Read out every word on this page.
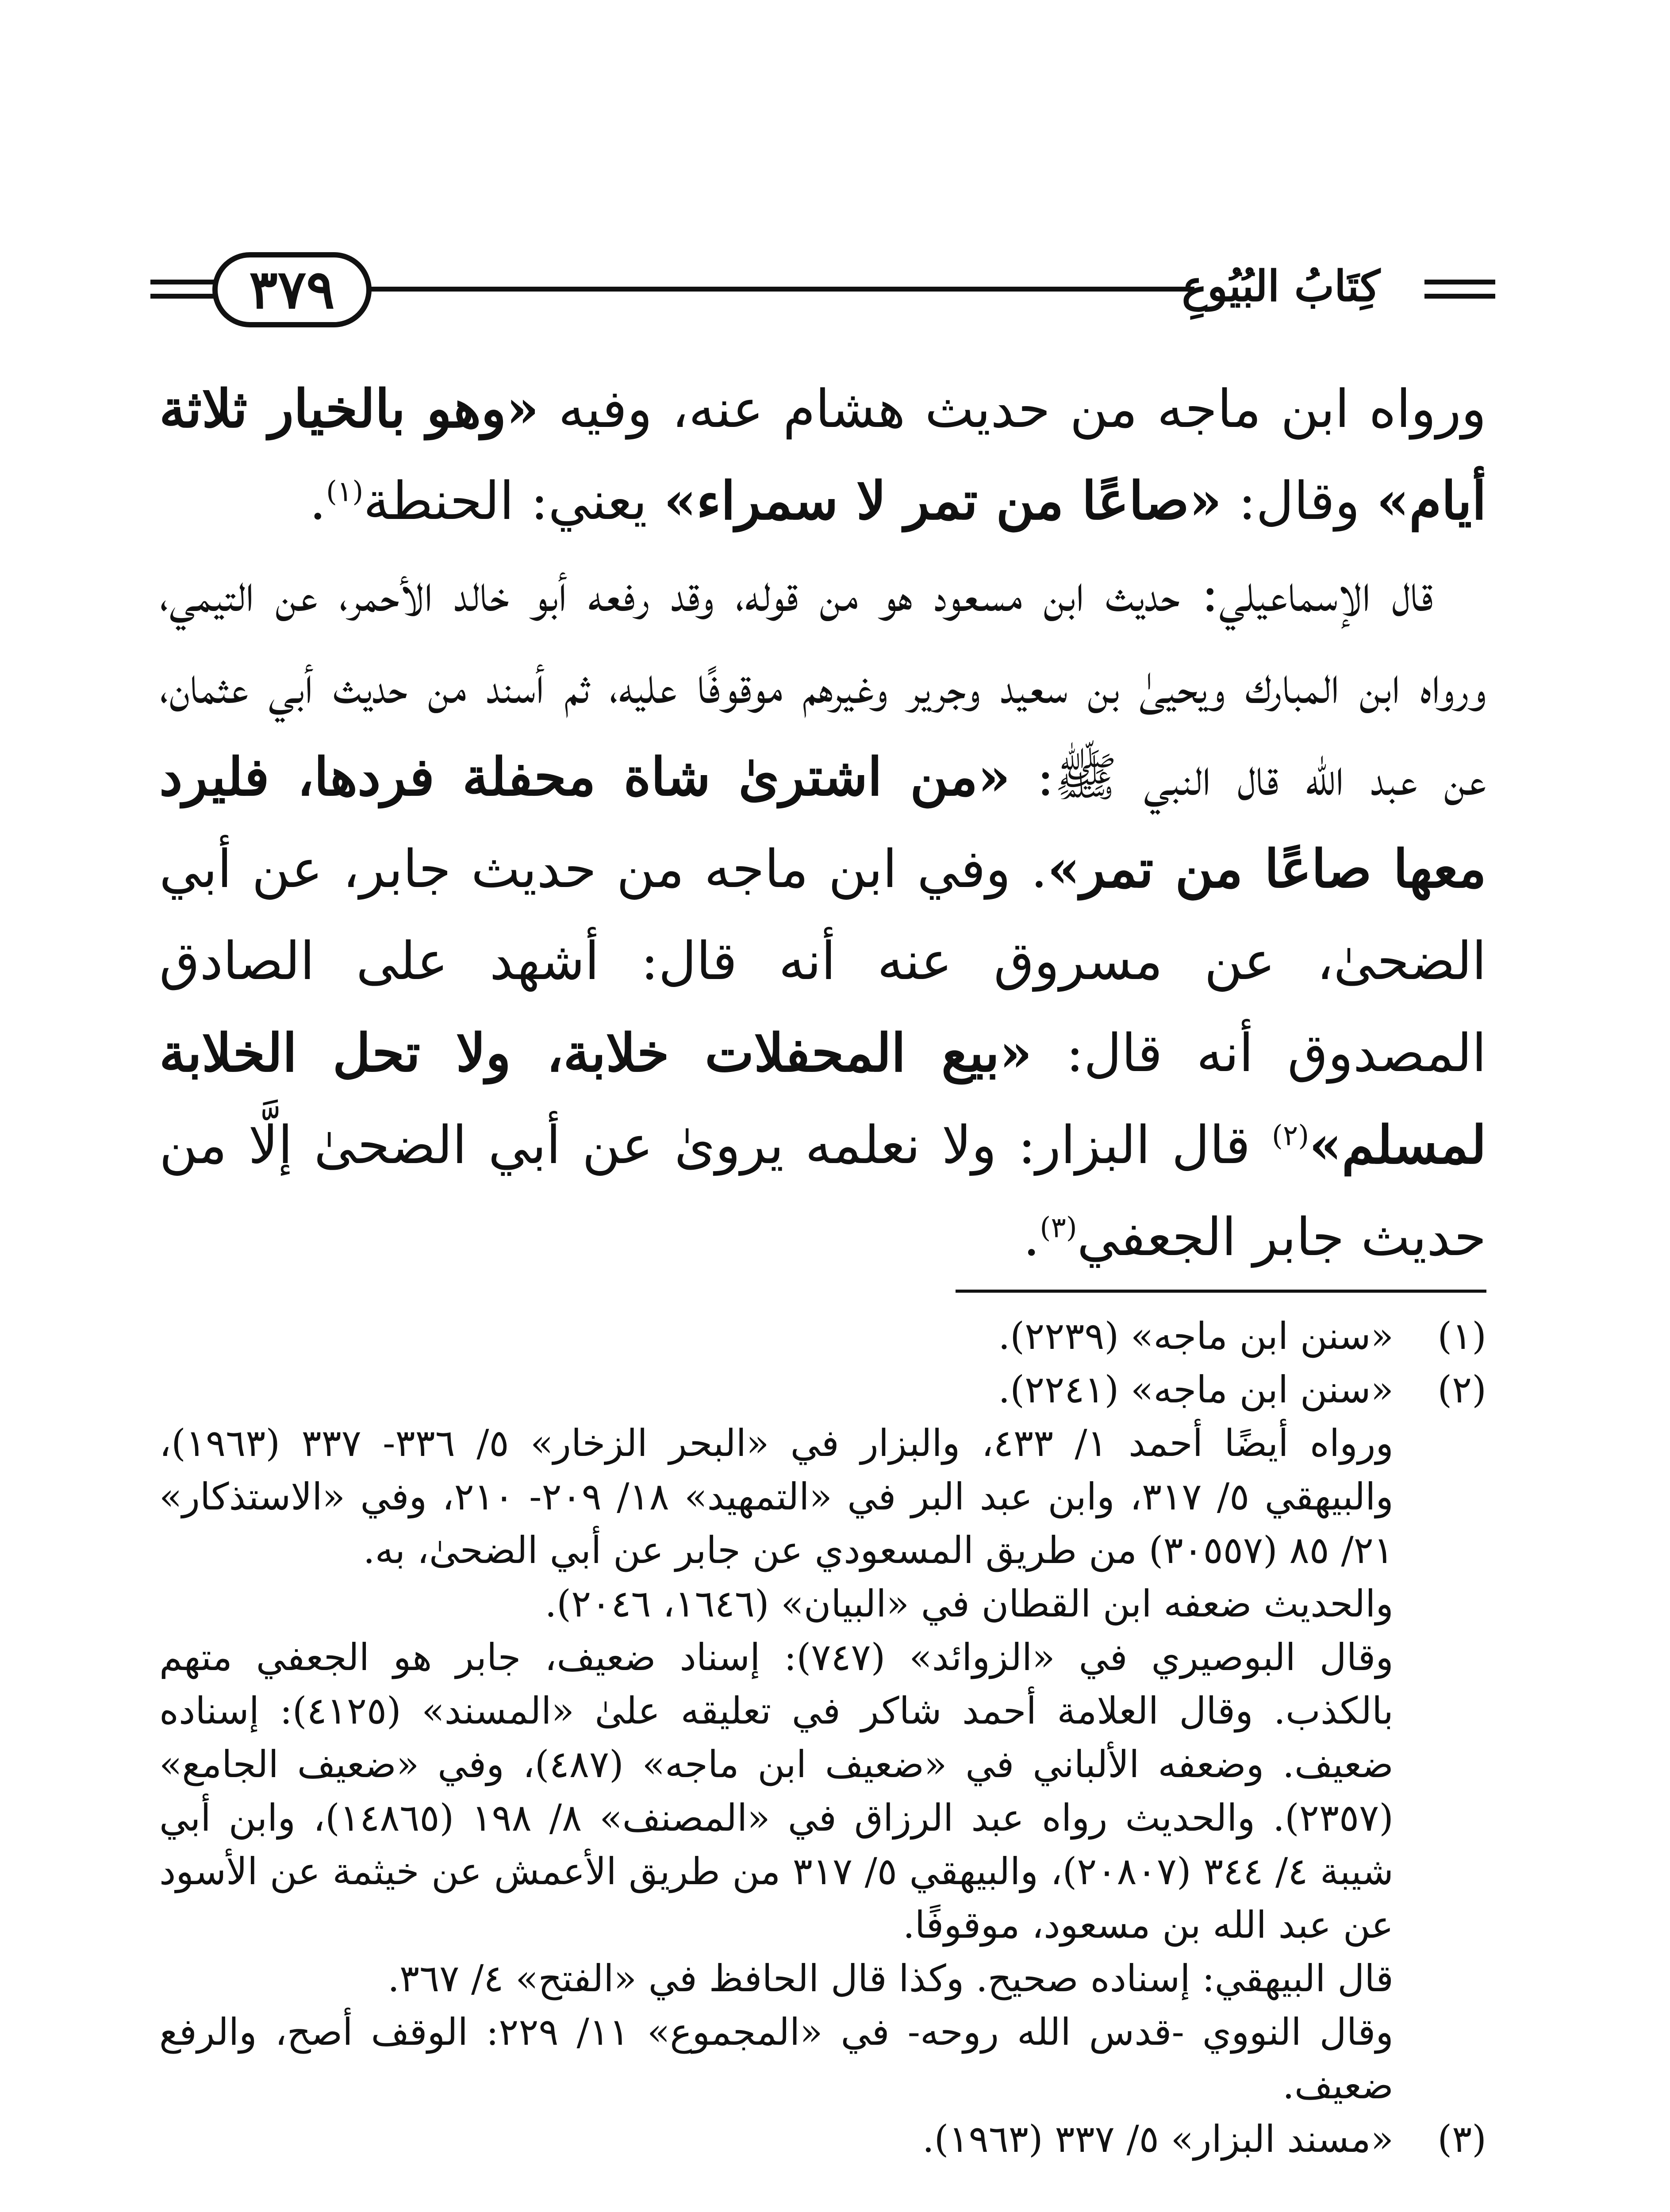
٣٧٩	كِتَابُ البُيُوعِ

ورواه ابن ماجه من حديث هشام عنه، وفيه «وهو بالخيار ثلاثة أيام» وقال: «صاعًا من تمر لا سمراء» يعني: الحنطة$^{(١)}$.

قال الإسماعيلي: حديث ابن مسعود هو من قوله، وقد رفعه أبو خالد الأحمر، عن التيمي، ورواه ابن المبارك ويحيىٰ بن سعيد وجرير وغيرهم موقوفًا عليه، ثم أسند من حديث أبي عثمان، عن عبد الله قال النبي ﷺ: «من اشترىٰ شاة محفلة فردها، فليرد معها صاعًا من تمر». وفي ابن ماجه من حديث جابر، عن أبي الضحىٰ، عن مسروق عنه أنه قال: أشهد على الصادق المصدوق أنه قال: «بيع المحفلات خلابة، ولا تحل الخلابة لمسلم»$^{(٢)}$ قال البزار: ولا نعلمه يروىٰ عن أبي الضحىٰ إلَّا من حديث جابر الجعفي$^{(٣)}$.

(١)
«سنن ابن ماجه» (٢٢٣٩).
(٢)
«سنن ابن ماجه» (٢٢٤١).
ورواه أيضًا أحمد ١/ ٤٣٣، والبزار في «البحر الزخار» ٥/ ٣٣٦- ٣٣٧ (١٩٦٣)، والبيهقي ٥/ ٣١٧، وابن عبد البر في «التمهيد» ١٨/ ٢٠٩- ٢١٠، وفي «الاستذكار» ٢١/ ٨٥ (٣٠٥٥٧) من طريق المسعودي عن جابر عن أبي الضحىٰ، به.
والحديث ضعفه ابن القطان في «البيان» (١٦٤٦، ٢٠٤٦).
وقال البوصيري في «الزوائد» (٧٤٧): إسناد ضعيف، جابر هو الجعفي متهم بالكذب. وقال العلامة أحمد شاكر في تعليقه علىٰ «المسند» (٤١٢٥): إسناده ضعيف. وضعفه الألباني في «ضعيف ابن ماجه» (٤٨٧)، وفي «ضعيف الجامع» (٢٣٥٧). والحديث رواه عبد الرزاق في «المصنف» ٨/ ١٩٨ (١٤٨٦٥)، وابن أبي شيبة ٤/ ٣٤٤ (٢٠٨٠٧)، والبيهقي ٥/ ٣١٧ من طريق الأعمش عن خيثمة عن الأسود عن عبد الله بن مسعود، موقوفًا.
قال البيهقي: إسناده صحيح. وكذا قال الحافظ في «الفتح» ٤/ ٣٦٧.
وقال النووي -قدس الله روحه- في «المجموع» ١١/ ٢٢٩: الوقف أصح، والرفع ضعيف.
(٣)
«مسند البزار» ٥/ ٣٣٧ (١٩٦٣).
